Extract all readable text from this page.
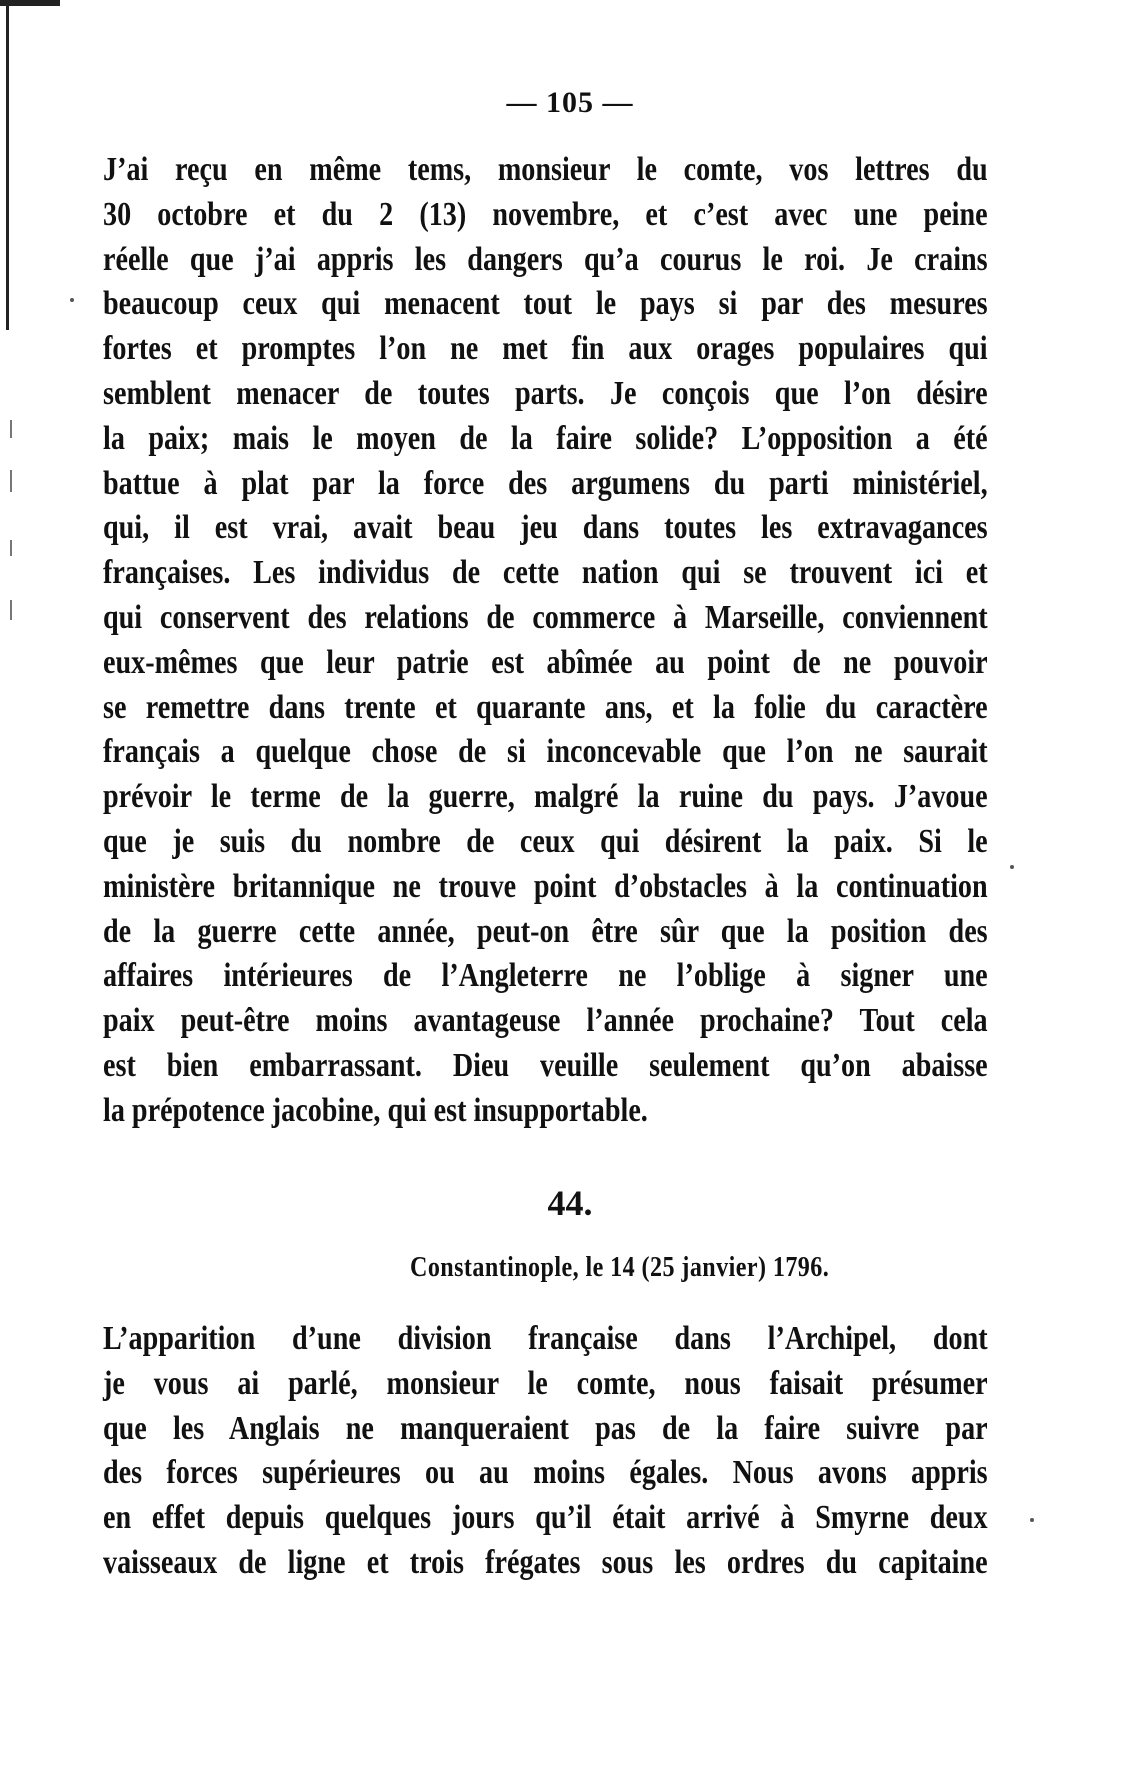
— 105 —
J’ai reçu en même tems, monsieur le comte, vos lettres du
30 octobre et du 2 (13) novembre, et c’est avec une peine
réelle que j’ai appris les dangers qu’a courus le roi. Je crains
beaucoup ceux qui menacent tout le pays si par des mesures
fortes et promptes l’on ne met fin aux orages populaires qui
semblent menacer de toutes parts. Je conçois que l’on désire
la paix; mais le moyen de la faire solide? L’opposition a été
battue à plat par la force des argumens du parti ministériel,
qui, il est vrai, avait beau jeu dans toutes les extravagances
françaises. Les individus de cette nation qui se trouvent ici et
qui conservent des relations de commerce à Marseille, conviennent
eux-mêmes que leur patrie est abîmée au point de ne pouvoir
se remettre dans trente et quarante ans, et la folie du caractère
français a quelque chose de si inconcevable que l’on ne saurait
prévoir le terme de la guerre, malgré la ruine du pays. J’avoue
que je suis du nombre de ceux qui désirent la paix. Si le
ministère britannique ne trouve point d’obstacles à la continuation
de la guerre cette année, peut-on être sûr que la position des
affaires intérieures de l’Angleterre ne l’oblige à signer une
paix peut-être moins avantageuse l’année prochaine? Tout cela
est bien embarrassant. Dieu veuille seulement qu’on abaisse
la prépotence jacobine, qui est insupportable.
44.
Constantinople, le 14 (25 janvier) 1796.
L’apparition d’une division française dans l’Archipel, dont
je vous ai parlé, monsieur le comte, nous faisait présumer
que les Anglais ne manqueraient pas de la faire suivre par
des forces supérieures ou au moins égales. Nous avons appris
en effet depuis quelques jours qu’il était arrivé à Smyrne deux
vaisseaux de ligne et trois frégates sous les ordres du capitaine
